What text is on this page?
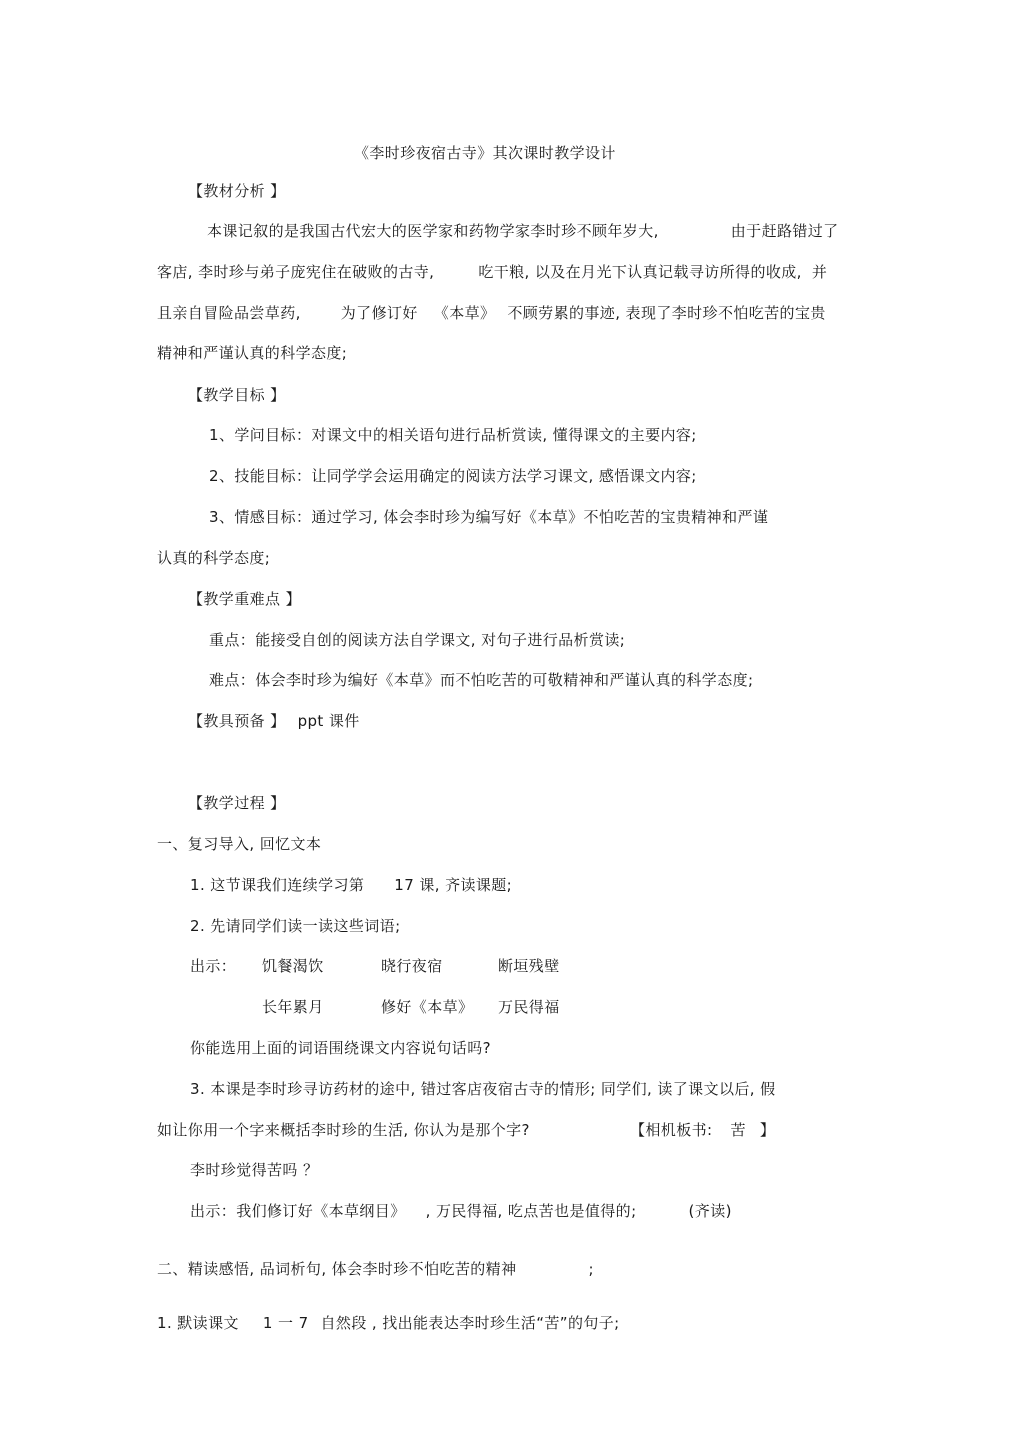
《李时珍夜宿古寺》其次课时教学设计
【教材分析 】
本课记叙的是我国古代宏大的医学家和药物学家李时珍不顾年岁大,	由于赶路错过了
客店, 李时珍与弟子庞宪住在破败的古寺,	吃干粮, 以及在月光下认真记载寻访所得的收成, 并
且亲自冒险品尝草药,	为了修订好 《本草》 不顾劳累的事迹, 表现了李时珍不怕吃苦的宝贵
精神和严谨认真的科学态度;
【教学目标 】
1、学问目标：对课文中的相关语句进行品析赏读, 懂得课文的主要内容;
2、技能目标：让同学学会运用确定的阅读方法学习课文, 感悟课文内容;
3、情感目标：通过学习, 体会李时珍为编写好《本草》不怕吃苦的宝贵精神和严谨
认真的科学态度;
【教学重难点 】
重点：能接受自创的阅读方法自学课文, 对句子进行品析赏读;
难点：体会李时珍为编好《本草》而不怕吃苦的可敬精神和严谨认真的科学态度;
【教具预备 】 ppt 课件
【教学过程 】
一、复习导入, 回忆文本
1. 这节课我们连续学习第 17 课, 齐读课题;
2. 先请同学们读一读这些词语;
出示： 饥餐渴饮	晓行夜宿	断垣残壁
长年累月	修好《本草》 万民得福
你能选用上面的词语围绕课文内容说句话吗?
3. 本课是李时珍寻访药材的途中, 错过客店夜宿古寺的情形; 同学们, 读了课文以后, 假
如让你用一个字来概括李时珍的生活, 你认为是那个字?	【相机板书: 苦 】
李时珍觉得苦吗 ？
出示：我们修订好《本草纲目》 , 万民得福, 吃点苦也是值得的;	(齐读)
二、精读感悟, 品词析句, 体会李时珍不怕吃苦的精神	;
1. 默读课文 1 一 7 自然段 , 找出能表达李时珍生活“苦”的句子;
